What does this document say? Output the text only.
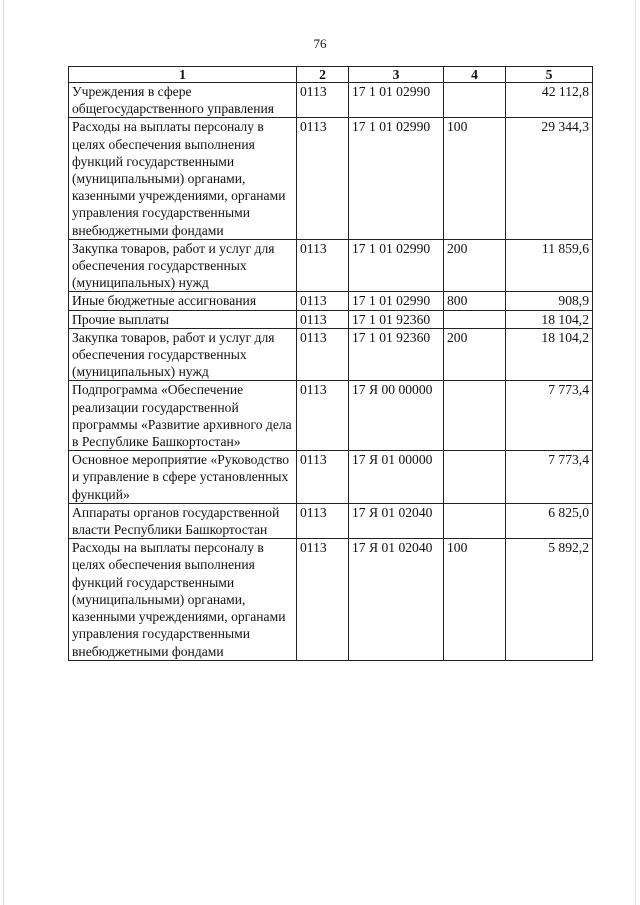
76
1	2	3	4	5
Учреждения в сфере общегосударственного управления	0113	17 1 01 02990		42 112,8
Расходы на выплаты персоналу в целях обеспечения выполнения функций государственными (муниципальными) органами, казенными учреждениями, органами управления государственными внебюджетными фондами	0113	17 1 01 02990	100	29 344,3
Закупка товаров, работ и услуг для обеспечения государственных (муниципальных) нужд	0113	17 1 01 02990	200	11 859,6
Иные бюджетные ассигнования	0113	17 1 01 02990	800	908,9
Прочие выплаты	0113	17 1 01 92360		18 104,2
Закупка товаров, работ и услуг для обеспечения государственных (муниципальных) нужд	0113	17 1 01 92360	200	18 104,2
Подпрограмма «Обеспечение реализации государственной программы «Развитие архивного дела в Республике Башкортостан»	0113	17 Я 00 00000		7 773,4
Основное мероприятие «Руководство и управление в сфере установленных функций»	0113	17 Я 01 00000		7 773,4
Аппараты органов государственной власти Республики Башкортостан	0113	17 Я 01 02040		6 825,0
Расходы на выплаты персоналу в целях обеспечения выполнения функций государственными (муниципальными) органами, казенными учреждениями, органами управления государственными внебюджетными фондами	0113	17 Я 01 02040	100	5 892,2
